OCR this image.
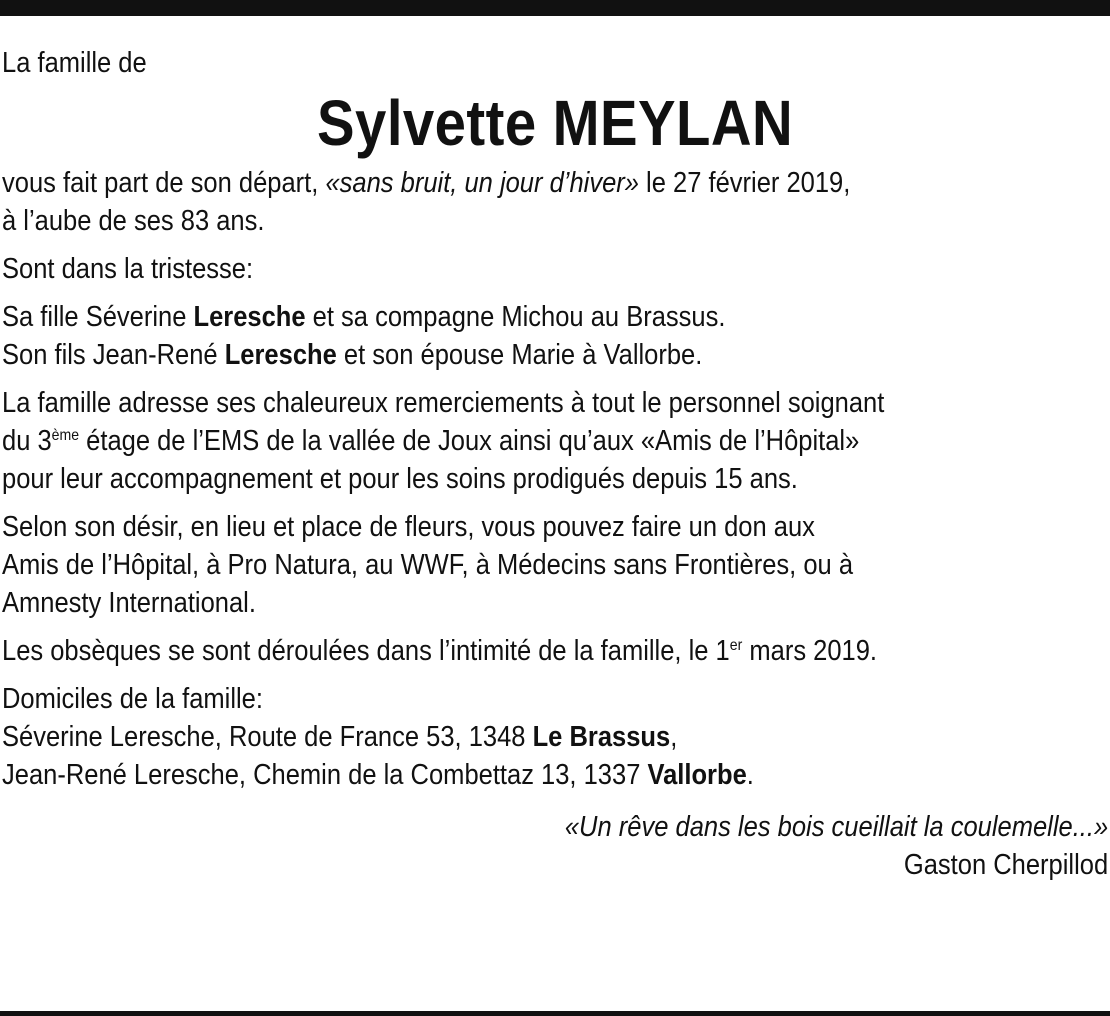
La famille de

Sylvette MEYLAN

vous fait part de son départ, «sans bruit, un jour d’hiver» le 27 février 2019,
à l’aube de ses 83 ans.

Sont dans la tristesse:

Sa fille Séverine Leresche et sa compagne Michou au Brassus.
Son fils Jean-René Leresche et son épouse Marie à Vallorbe.

La famille adresse ses chaleureux remerciements à tout le personnel soignant
du 3ème étage de l’EMS de la vallée de Joux ainsi qu’aux «Amis de l’Hôpital»
pour leur accompagnement et pour les soins prodigués depuis 15 ans.

Selon son désir, en lieu et place de fleurs, vous pouvez faire un don aux
Amis de l’Hôpital, à Pro Natura, au WWF, à Médecins sans Frontières, ou à
Amnesty International.

Les obsèques se sont déroulées dans l’intimité de la famille, le 1er mars 2019.

Domiciles de la famille:
Séverine Leresche, Route de France 53, 1348 Le Brassus,
Jean-René Leresche, Chemin de la Combettaz 13, 1337 Vallorbe.

«Un rêve dans les bois cueillait la coulemelle...»
Gaston Cherpillod
